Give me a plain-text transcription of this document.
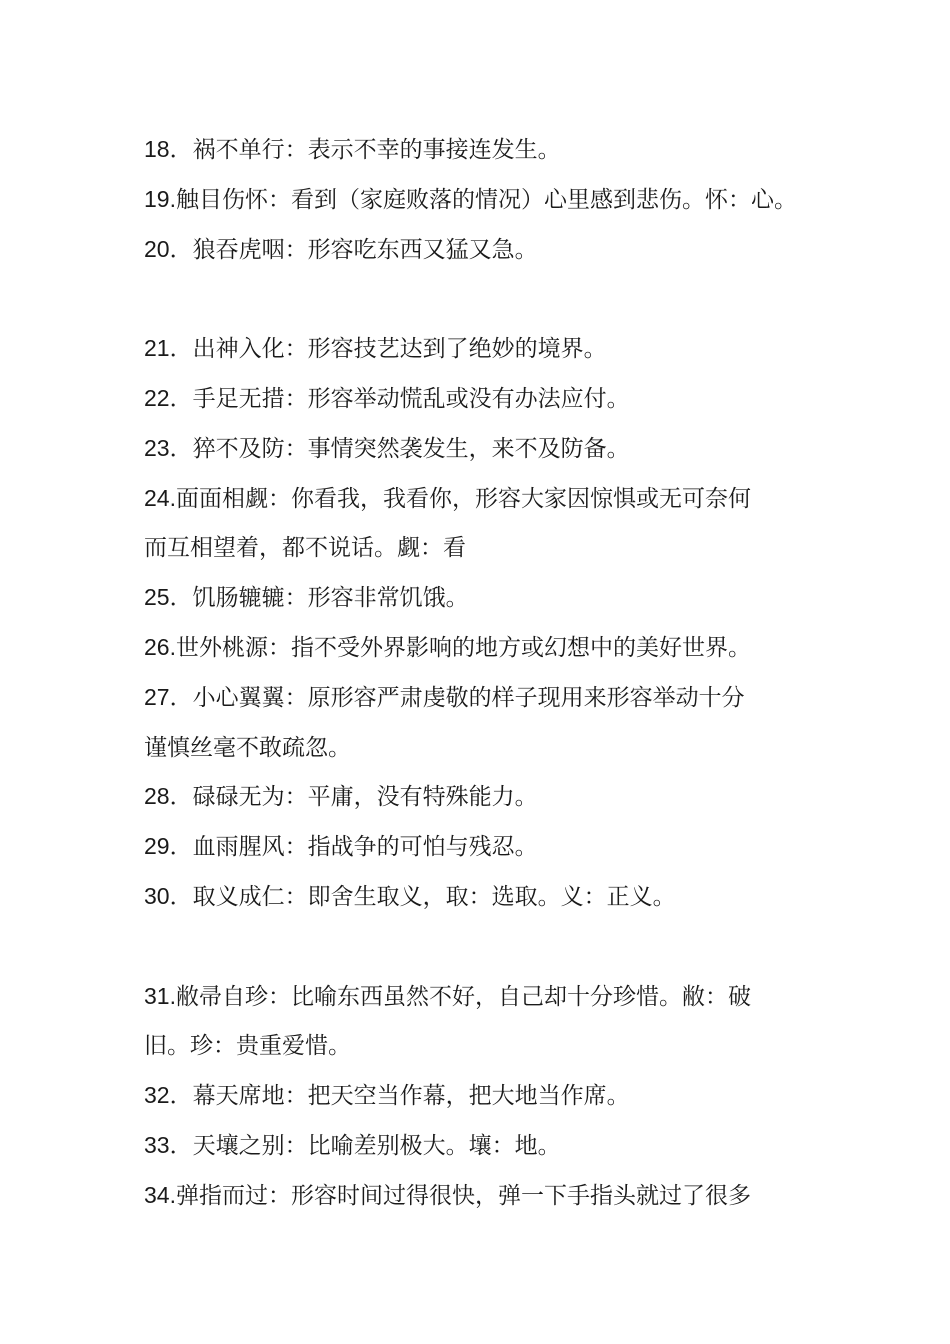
18．祸不单行：表示不幸的事接连发生。
19.触目伤怀：看到（家庭败落的情况）心里感到悲伤。怀：心。
20．狼吞虎咽：形容吃东西又猛又急。
21．出神入化：形容技艺达到了绝妙的境界。
22．手足无措：形容举动慌乱或没有办法应付。
23．猝不及防：事情突然袭发生，来不及防备。
24.面面相觑：你看我，我看你，形容大家因惊惧或无可奈何
而互相望着，都不说话。觑：看
25．饥肠辘辘：形容非常饥饿。
26.世外桃源：指不受外界影响的地方或幻想中的美好世界。
27．小心翼翼：原形容严肃虔敬的样子现用来形容举动十分
谨慎丝毫不敢疏忽。
28．碌碌无为：平庸，没有特殊能力。
29．血雨腥风：指战争的可怕与残忍。
30．取义成仁：即舍生取义，取：选取。义：正义。
31.敝帚自珍：比喻东西虽然不好，自己却十分珍惜。敝：破
旧。珍：贵重爱惜。
32．幕天席地：把天空当作幕，把大地当作席。
33．天壤之别：比喻差别极大。壤：地。
34.弹指而过：形容时间过得很快，弹一下手指头就过了很多
